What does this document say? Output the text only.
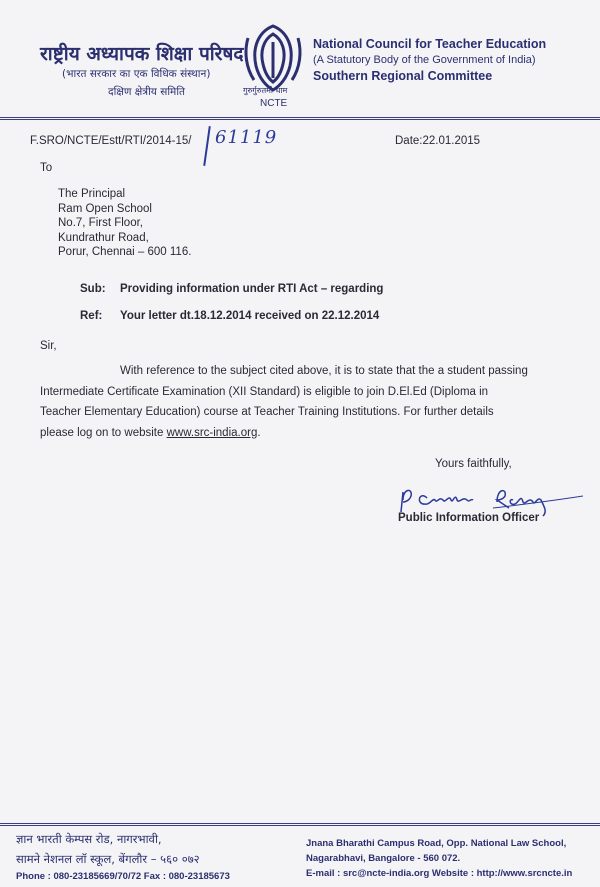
राष्ट्रीय अध्यापक शिक्षा परिषद
(भारत सरकार का एक विधिक संस्थान)
दक्षिण क्षेत्रीय समिति	गुरुर्गुरुतमो धाम
NCTE
National Council for Teacher Education
(A Statutory Body of the Government of India)
Southern Regional Committee
F.SRO/NCTE/Estt/RTI/2014-15/ 61119	Date:22.01.2015
To
The Principal
Ram Open School
No.7, First Floor,
Kundrathur Road,
Porur, Chennai – 600 116.
Sub: Providing information under RTI Act – regarding
Ref: Your letter dt.18.12.2014 received on 22.12.2014
Sir,
With reference to the subject cited above, it is to state that the a student passing
Intermediate Certificate Examination (XII Standard) is eligible to join D.El.Ed (Diploma in
Teacher Elementary Education) course at Teacher Training Institutions. For further details
please log on to website www.src-india.org.
Yours faithfully,
Public Information Officer
ज्ञान भारती केम्पस रोड, नागरभावी,
सामने नेशनल लॉ स्कूल, बेंगलौर – ५६० ०७२
Phone : 080-23185669/70/72 Fax : 080-23185673
Jnana Bharathi Campus Road, Opp. National Law School,
Nagarabhavi, Bangalore - 560 072.
E-mail : src@ncte-india.org Website : http://www.srcncte.in
